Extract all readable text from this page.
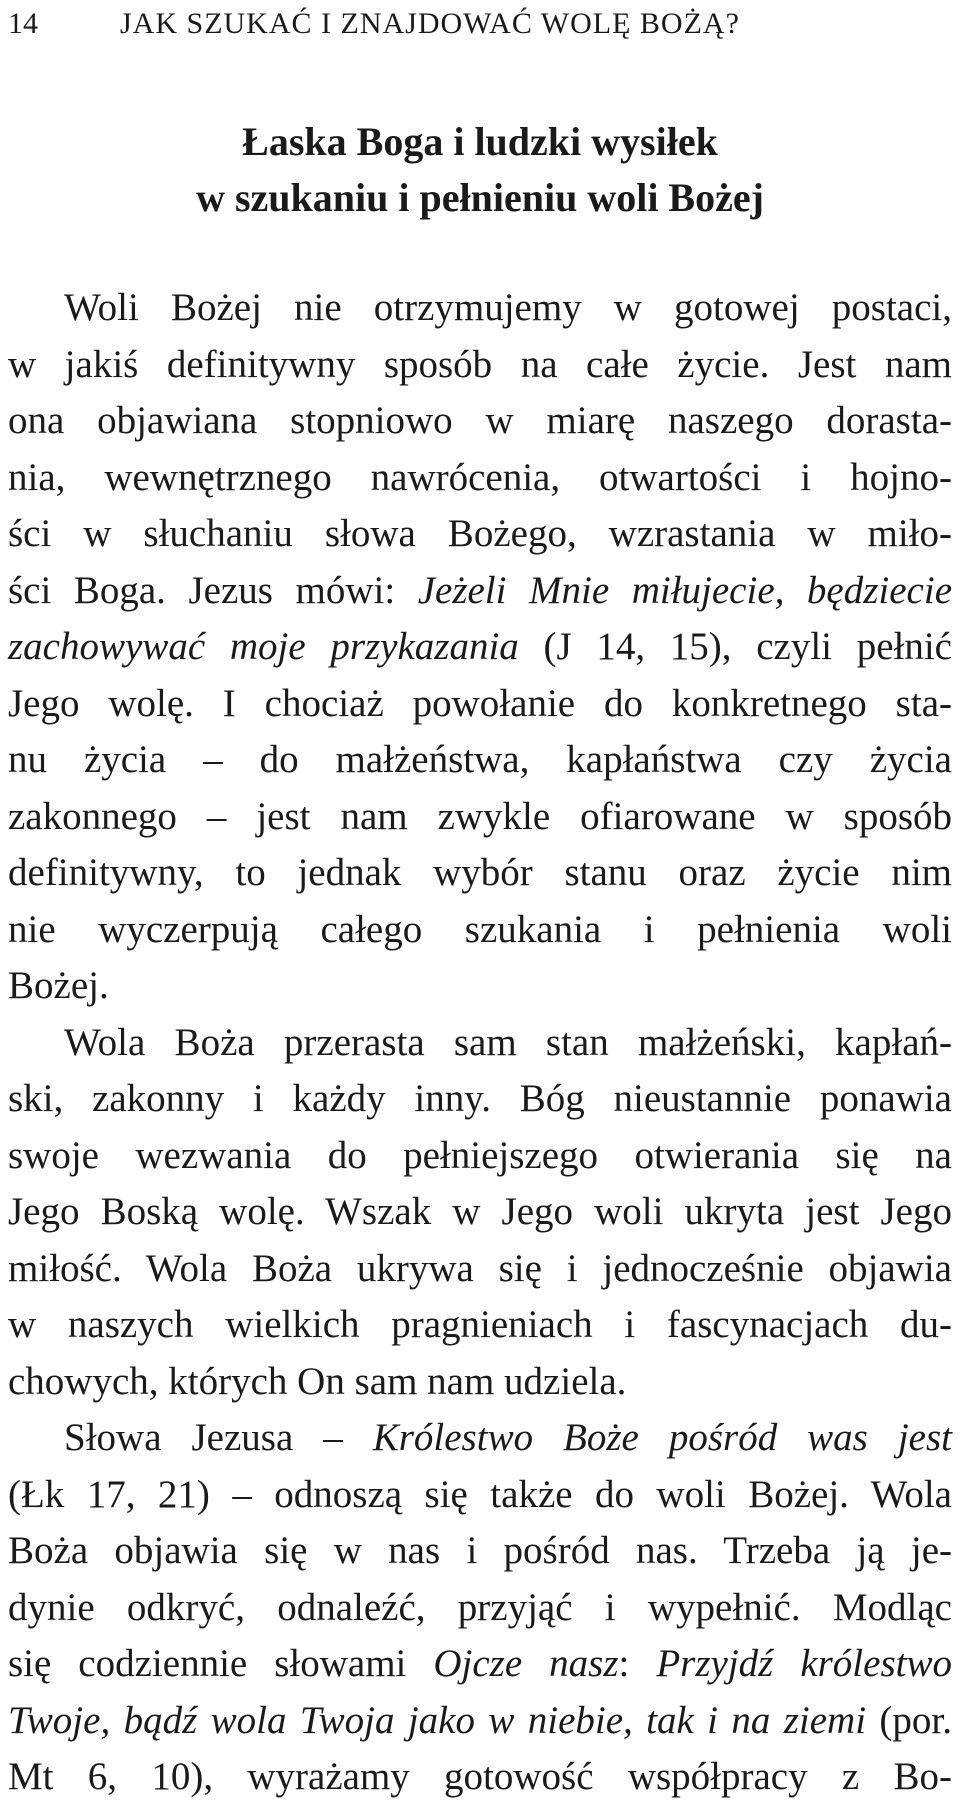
14	JAK SZUKAĆ I ZNAJDOWAĆ WOLĘ BOŻĄ?
Łaska Boga i ludzki wysiłek
w szukaniu i pełnieniu woli Bożej
Woli Bożej nie otrzymujemy w gotowej postaci,
w jakiś definitywny sposób na całe życie. Jest nam
ona objawiana stopniowo w miarę naszego dorasta-
nia, wewnętrznego nawrócenia, otwartości i hojno-
ści w słuchaniu słowa Bożego, wzrastania w miło-
ści Boga. Jezus mówi: Jeżeli Mnie miłujecie, będziecie
zachowywać moje przykazania (J 14, 15), czyli pełnić
Jego wolę. I chociaż powołanie do konkretnego sta-
nu życia – do małżeństwa, kapłaństwa czy życia
zakonnego – jest nam zwykle ofiarowane w sposób
definitywny, to jednak wybór stanu oraz życie nim
nie wyczerpują całego szukania i pełnienia woli
Bożej.
Wola Boża przerasta sam stan małżeński, kapłań-
ski, zakonny i każdy inny. Bóg nieustannie ponawia
swoje wezwania do pełniejszego otwierania się na
Jego Boską wolę. Wszak w Jego woli ukryta jest Jego
miłość. Wola Boża ukrywa się i jednocześnie objawia
w naszych wielkich pragnieniach i fascynacjach du-
chowych, których On sam nam udziela.
Słowa Jezusa – Królestwo Boże pośród was jest
(Łk 17, 21) – odnoszą się także do woli Bożej. Wola
Boża objawia się w nas i pośród nas. Trzeba ją je-
dynie odkryć, odnaleźć, przyjąć i wypełnić. Modląc
się codziennie słowami Ojcze nasz: Przyjdź królestwo
Twoje, bądź wola Twoja jako w niebie, tak i na ziemi (por.
Mt 6, 10), wyrażamy gotowość współpracy z Bo-
